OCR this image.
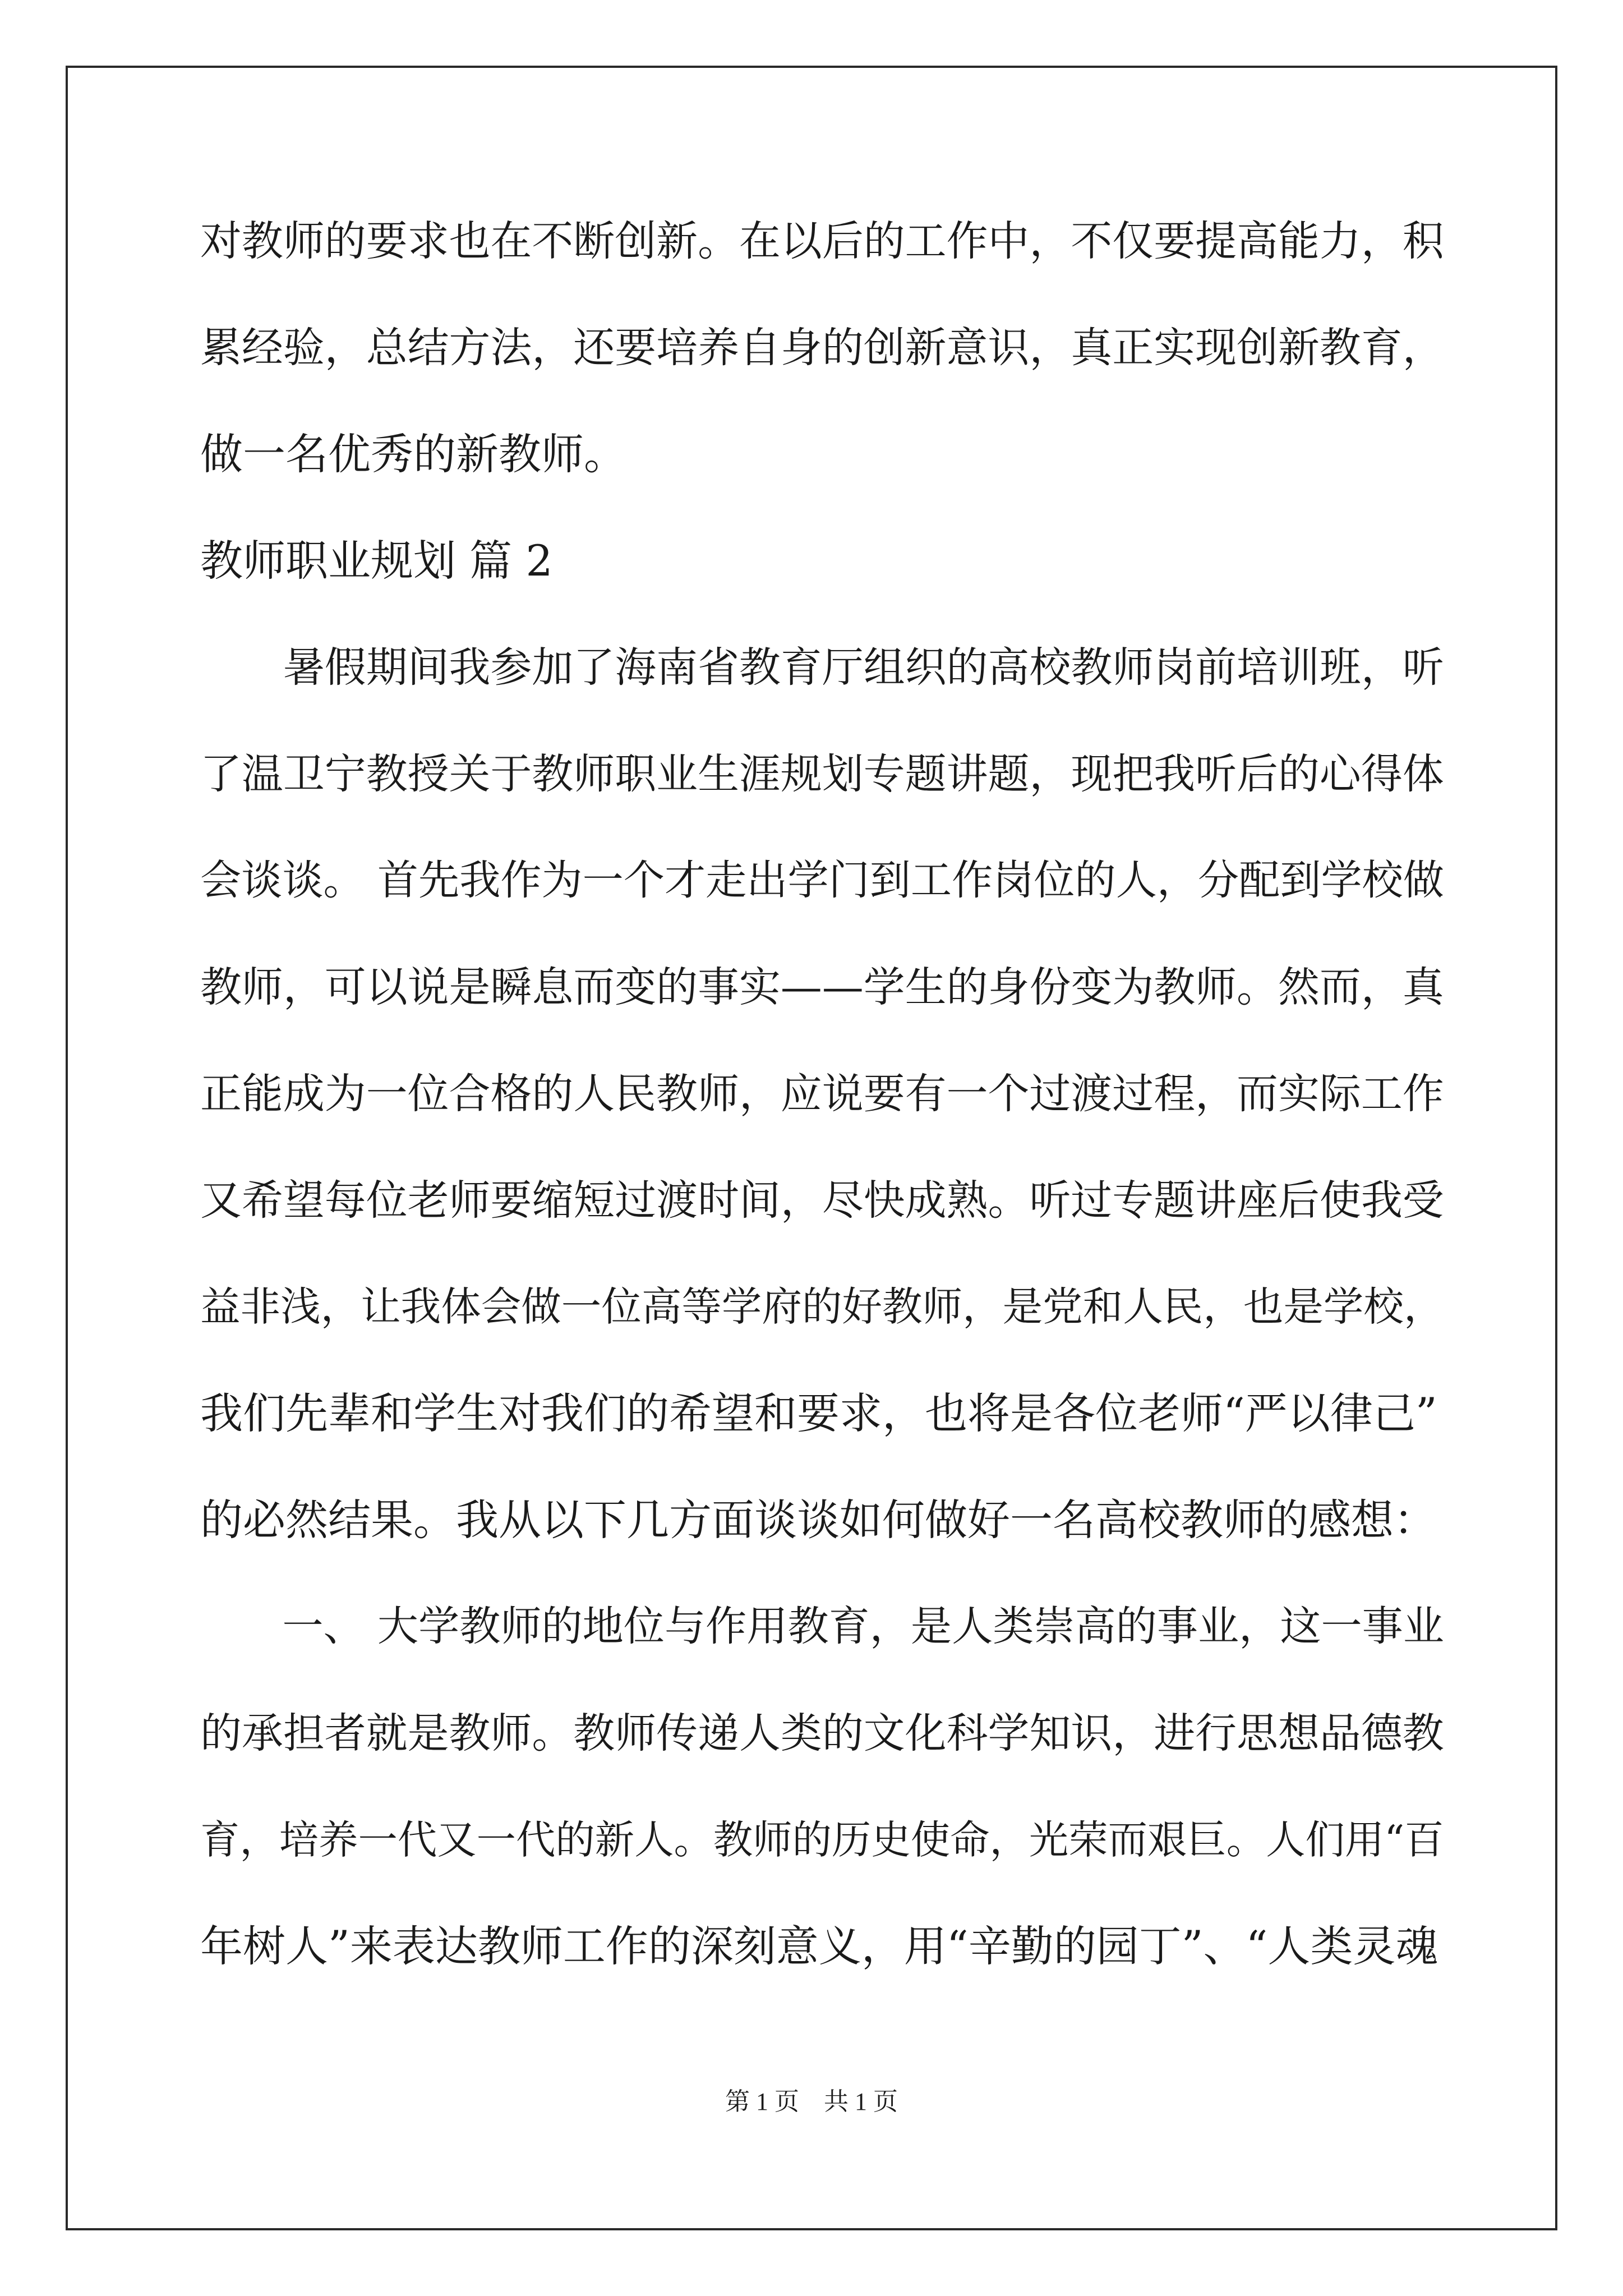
对教师的要求也在不断创新。在以后的工作中，不仅要提高能力，积
累经验，总结方法，还要培养自身的创新意识，真正实现创新教育，
做一名优秀的新教师。
教师职业规划 篇 2
　　暑假期间我参加了海南省教育厅组织的高校教师岗前培训班，听
了温卫宁教授关于教师职业生涯规划专题讲题，现把我听后的心得体
会谈谈。 首先我作为一个才走出学门到工作岗位的人，分配到学校做
教师，可以说是瞬息而变的事实——学生的身份变为教师。然而，真
正能成为一位合格的人民教师，应说要有一个过渡过程，而实际工作
又希望每位老师要缩短过渡时间，尽快成熟。听过专题讲座后使我受
益非浅，让我体会做一位高等学府的好教师，是党和人民，也是学校，
我们先辈和学生对我们的希望和要求，也将是各位老师“严以律己”
的必然结果。我从以下几方面谈谈如何做好一名高校教师的感想：
　　一、 大学教师的地位与作用教育，是人类崇高的事业，这一事业
的承担者就是教师。教师传递人类的文化科学知识，进行思想品德教
育，培养一代又一代的新人。教师的历史使命，光荣而艰巨。人们用“百
年树人”来表达教师工作的深刻意义，用“辛勤的园丁”、“人类灵魂
第 1 页　共 1 页
